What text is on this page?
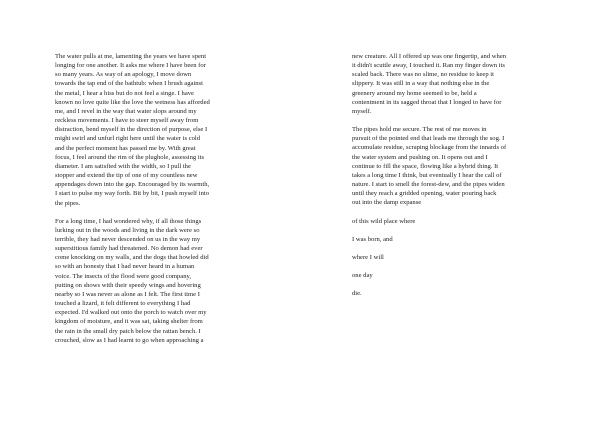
The water pulls at me, lamenting the years we have spent
longing for one another. It asks me where I have been for
so many years. As way of an apology, I move down
towards the tap end of the bathtub: when I brush against
the metal, I hear a hiss but do not feel a singe. I have
known no love quite like the love the wetness has afforded
me, and I revel in the way that water slops around my
reckless movements. I have to steer myself away from
distraction, bend myself in the direction of purpose, else I
might swirl and unfurl right here until the water is cold
and the perfect moment has passed me by. With great
focus, I feel around the rim of the plughole, assessing its
diameter. I am satisfied with the width, so I pull the
stopper and extend the tip of one of my countless new
appendages down into the gap. Encouraged by its warmth,
I start to pulse my way forth. Bit by bit, I push myself into
the pipes.

For a long time, I had wondered why, if all those things
lurking out in the woods and living in the dark were so
terrible, they had never descended on us in the way my
superstitious family had threatened. No demon had ever
come knocking on my walls, and the dogs that howled did
so with an honesty that I had never heard in a human
voice. The insects of the flood were good company,
putting on shows with their speedy wings and hovering
nearby so I was never as alone as I felt. The first time I
touched a lizard, it felt different to everything I had
expected. I'd walked out onto the porch to watch over my
kingdom of moisture, and it was sat, taking shelter from
the rain in the small dry patch below the rattan bench. I
crouched, slow as I had learnt to go when approaching a

new creature. All I offered up was one fingertip, and when
it didn't scuttle away, I touched it. Ran my finger down its
scaled back. There was no slime, no residue to keep it
slippery. It was still in a way that nothing else in the
greenery around my home seemed to be, held a
contentment in its sagged throat that I longed to have for
myself.

The pipes hold me secure. The rest of me moves in
pursuit of the pointed end that leads me through the sog. I
accumulate residue, scraping blockage from the innards of
the water system and pushing on. It opens out and I
continue to fill the space, flowing like a hybrid thing. It
takes a long time I think, but eventually I hear the call of
nature. I start to smell the forest-dew, and the pipes widen
until they reach a gridded opening, water pouring back
out into the damp expanse

of this wild place where

I was born, and

where I will

one day

die.
